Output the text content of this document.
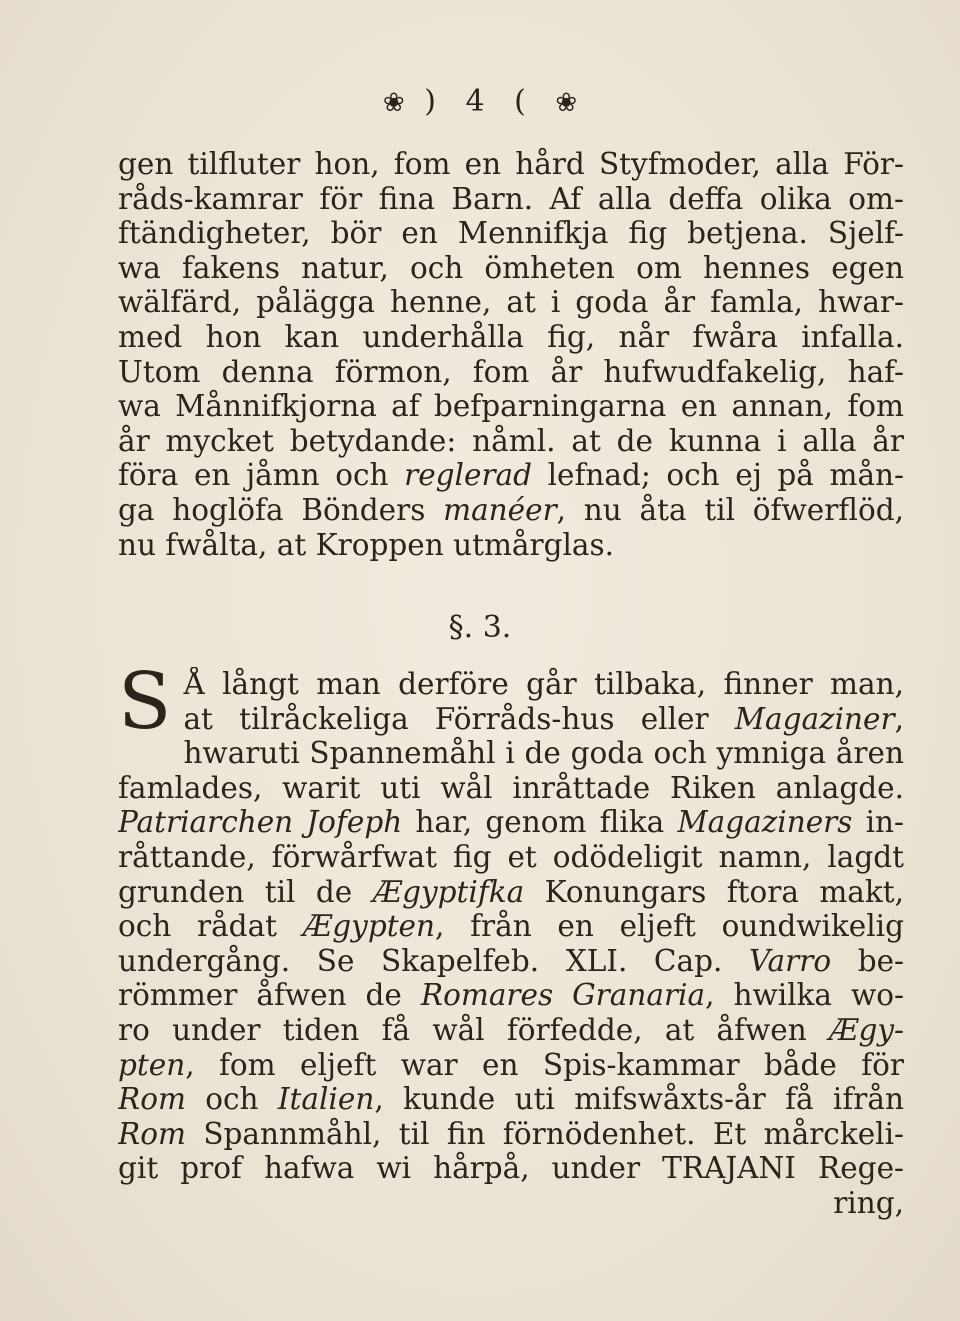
❀ ) 4 ( ❀
gen tilfluter hon, fom en hård Styfmoder, alla För-
råds-kamrar för fina Barn. Af alla deffa olika om-
ftändigheter, bör en Mennifkja fig betjena. Sjelf-
wa fakens natur, och ömheten om hennes egen
wälfärd, pålägga henne, at i goda år famla, hwar-
med hon kan underhålla fig, når fwåra infalla.
Utom denna förmon, fom år hufwudfakelig, haf-
wa Månnifkjorna af befparningarna en annan, fom
år mycket betydande: nåml. at de kunna i alla år
föra en jåmn och reglerad lefnad; och ej på mån-
ga hoglöfa Bönders manéer, nu åta til öfwerflöd,
nu fwålta, at Kroppen utmårglas.
§. 3.
S Å långt man derföre går tilbaka, finner man,
at tilråckeliga Förråds-hus eller Magaziner,
hwaruti Spannemåhl i de goda och ymniga åren
famlades, warit uti wål inråttade Riken anlagde.
Patriarchen Jofeph har, genom flika Magaziners in-
råttande, förwårfwat fig et odödeligit namn, lagdt
grunden til de Ægyptifka Konungars ftora makt,
och rådat Ægypten, från en eljeft oundwikelig
undergång. Se Skapelfeb. XLI. Cap. Varro be-
römmer åfwen de Romares Granaria, hwilka wo-
ro under tiden få wål förfedde, at åfwen Ægy-
pten, fom eljeft war en Spis-kammar både för
Rom och Italien, kunde uti mifswåxts-år få ifrån
Rom Spannmåhl, til fin förnödenhet. Et mårckeli-
git prof hafwa wi hårpå, under TRAJANI Rege-
ring,
